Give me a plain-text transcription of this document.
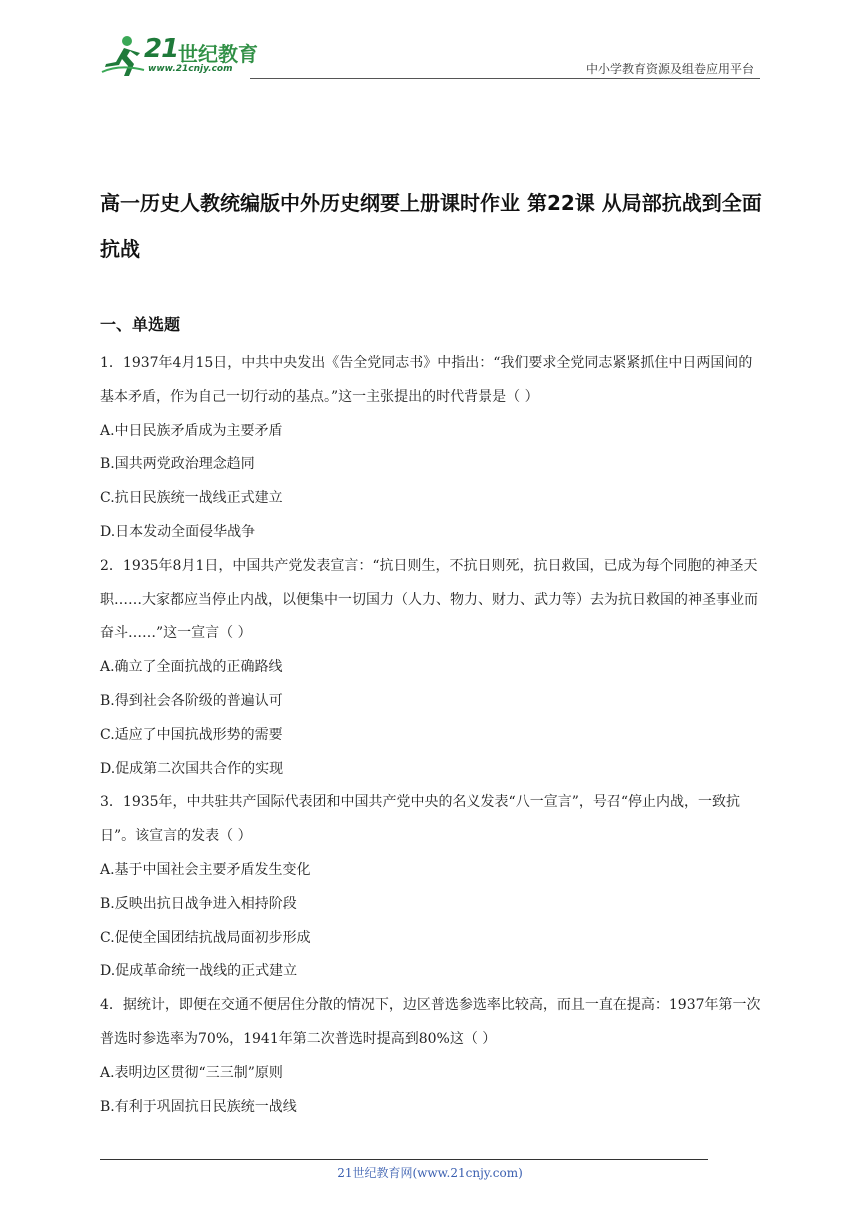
21 世纪教育
www.21cnjy.com	中小学教育资源及组卷应用平台
高一历史人教统编版中外历史纲要上册课时作业 第22课 从局部抗战到全面抗战
一、单选题

1．1937年4月15日，中共中央发出《告全党同志书》中指出：“我们要求全党同志紧紧抓住中日两国间的基本矛盾，作为自己一切行动的基点。”这一主张提出的时代背景是（ ）

A.中日民族矛盾成为主要矛盾

B.国共两党政治理念趋同

C.抗日民族统一战线正式建立

D.日本发动全面侵华战争

2．1935年8月1日，中国共产党发表宣言：“抗日则生，不抗日则死，抗日救国，已成为每个同胞的神圣天职……大家都应当停止内战，以便集中一切国力（人力、物力、财力、武力等）去为抗日救国的神圣事业而奋斗……”这一宣言（ ）

A.确立了全面抗战的正确路线

B.得到社会各阶级的普遍认可

C.适应了中国抗战形势的需要

D.促成第二次国共合作的实现

3．1935年，中共驻共产国际代表团和中国共产党中央的名义发表“八一宣言”，号召“停止内战，一致抗日”。该宣言的发表（ ）

A.基于中国社会主要矛盾发生变化

B.反映出抗日战争进入相持阶段

C.促使全国团结抗战局面初步形成

D.促成革命统一战线的正式建立

4．据统计，即便在交通不便居住分散的情况下，边区普选参选率比较高，而且一直在提高：1937年第一次普选时参选率为70%，1941年第二次普选时提高到80%这（ ）

A.表明边区贯彻“三三制”原则

B.有利于巩固抗日民族统一战线

21世纪教育网(www.21cnjy.com)
